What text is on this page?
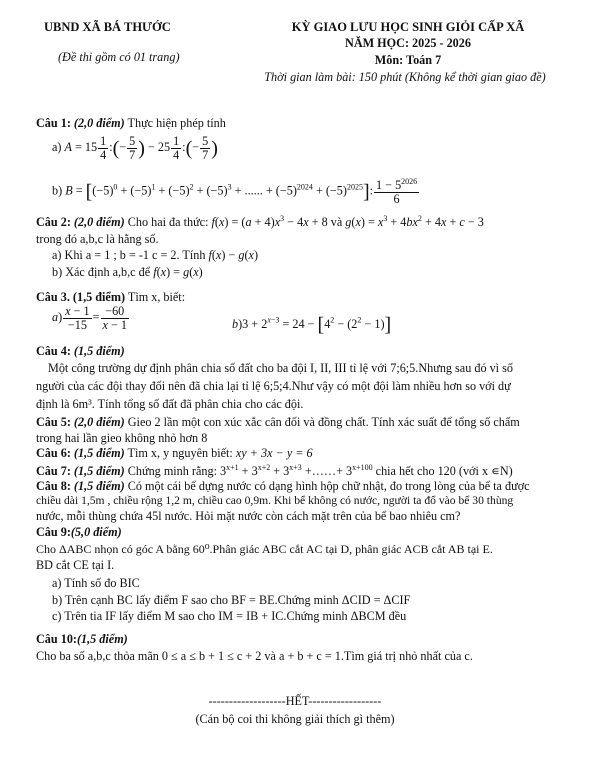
UBND XÃ BÁ THƯỚC
(Đề thi gồm có 01 trang)
KỲ GIAO LƯU HỌC SINH GIỎI CẤP XÃ
NĂM HỌC: 2025 - 2026
Môn: Toán 7
Thời gian làm bài: 150 phút (Không kể thời gian giao đề)
Câu 1: (2,0 điểm) Thực hiện phép tính
a) $A = 15 \frac{1}{4}$ :(− $\frac{5}{7}$ ) − $25 \frac{1}{4}$ :(− $\frac{5}{7}$ )
b) $B = [(-5)^0 + (-5)^1 + (-5)^2 + (-5)^3$ + ...... + $(-5)^{2024} + (-5)^{2025}$]: $\frac{1 - 5^{2026}}{6}$
Câu 2: (2,0 điểm) Cho hai đa thức: $f(x) = (a + 4)x^3 - 4x + 8$ và $g(x) = x^3 + 4bx^2 + 4x + c - 3$
trong đó a,b,c là hằng số.
a) Khi a = 1 ; b = -1 c = 2. Tính f(x) − g(x)
b) Xác định a,b,c để f(x) = g(x)
Câu 3. (1,5 điểm) Tìm x, biết:
$a) \frac{x - 1}{-15} = \frac{-60}{x - 1}$	$b)3 + 2^{x-3} = 24 - [4^2 - (2^2 - 1)]$
Câu 4: (1,5 điểm)
Một công trường dự định phân chia số đất cho ba đội I, II, III tỉ lệ với 7;6;5.Nhưng sau đó vì số
người của các đội thay đổi nên đã chia lại tỉ lệ 6;5;4.Như vậy có một đội làm nhiều hơn so với dự
định là 6m³. Tính tổng số đất đã phân chia cho các đội.
Câu 5: (2,0 điểm) Gieo 2 lần một con xúc xắc cân đối và đồng chất. Tính xác suất để tổng số chấm
trong hai lần gieo không nhỏ hơn 8
Câu 6: (1,5 điểm) Tìm x, y nguyên biết: xy + 3x − y = 6
Câu 7: (1,5 điểm) Chứng minh rằng: $3^{x+1} + 3^{x+2} + 3^{x+3}$ +……+ $3^{x+100}$ chia hết cho 120 (với x ∊N)
Câu 8: (1,5 điểm) Có một cái bể dựng nước có dạng hình hộp chữ nhật, đo trong lòng của bể ta được
chiều dài 1,5m , chiều rộng 1,2 m, chiều cao 0,9m. Khi bể không có nước, người ta đổ vào bể 30 thùng
nước, mỗi thùng chứa 45l nước. Hỏi mặt nước còn cách mặt trên của bể bao nhiêu cm?
Câu 9:(5,0 điểm)
Cho ΔABC nhọn có góc A bằng 60⁰.Phân giác ABC cắt AC tại D, phân giác ACB cắt AB tại E.
BD cắt CE tại I.
a) Tính số đo BIC
b) Trên cạnh BC lấy điểm F sao cho BF = BE.Chứng minh ΔCID = ΔCIF
c) Trên tia IF lấy điểm M sao cho IM = IB + IC.Chứng minh ΔBCM đều
Câu 10:(1,5 điểm)
Cho ba số a,b,c thỏa mãn 0 ≤ a ≤ b + 1 ≤ c + 2 và a + b + c = 1.Tìm giá trị nhỏ nhất của c.
-------------------HẾT------------------
(Cán bộ coi thi không giải thích gì thêm)
